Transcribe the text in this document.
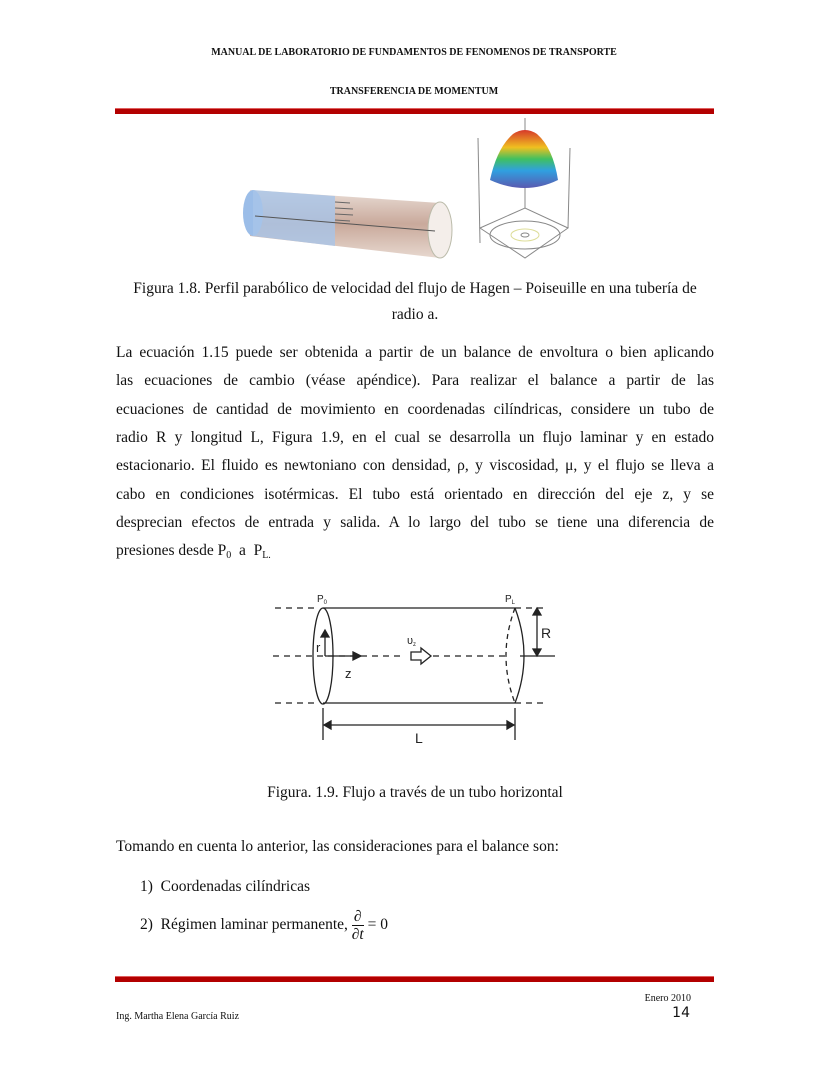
MANUAL DE LABORATORIO DE FUNDAMENTOS DE FENOMENOS DE TRANSPORTE
TRANSFERENCIA DE MOMENTUM
Figura 1.8. Perfil parabólico de velocidad del flujo de Hagen – Poiseuille en una tubería de
radio a.
La ecuación 1.15 puede ser obtenida a partir de un balance de envoltura o bien aplicando
las ecuaciones de cambio (véase apéndice). Para realizar el balance a partir de las
ecuaciones de cantidad de movimiento en coordenadas cilíndricas, considere un tubo de
radio R y longitud L, Figura 1.9, en el cual se desarrolla un flujo laminar y en estado
estacionario. El fluido es newtoniano con densidad, ρ, y viscosidad, μ, y el flujo se lleva a
cabo en condiciones isotérmicas. El tubo está orientado en dirección del eje z, y se
desprecian efectos de entrada y salida. A lo largo del tubo se tiene una diferencia de
presiones desde $P_0$  a  $P_{L.}$
$P_0$	$P_L$
r
z
υz
R
L
Figura. 1.9. Flujo a través de un tubo horizontal
Tomando en cuenta lo anterior, las consideraciones para el balance son:
1) Coordenadas cilíndricas
2) Régimen laminar permanente, $\frac{\partial}{\partial t} = 0$
Enero 2010
Ing. Martha Elena García Ruiz	14
